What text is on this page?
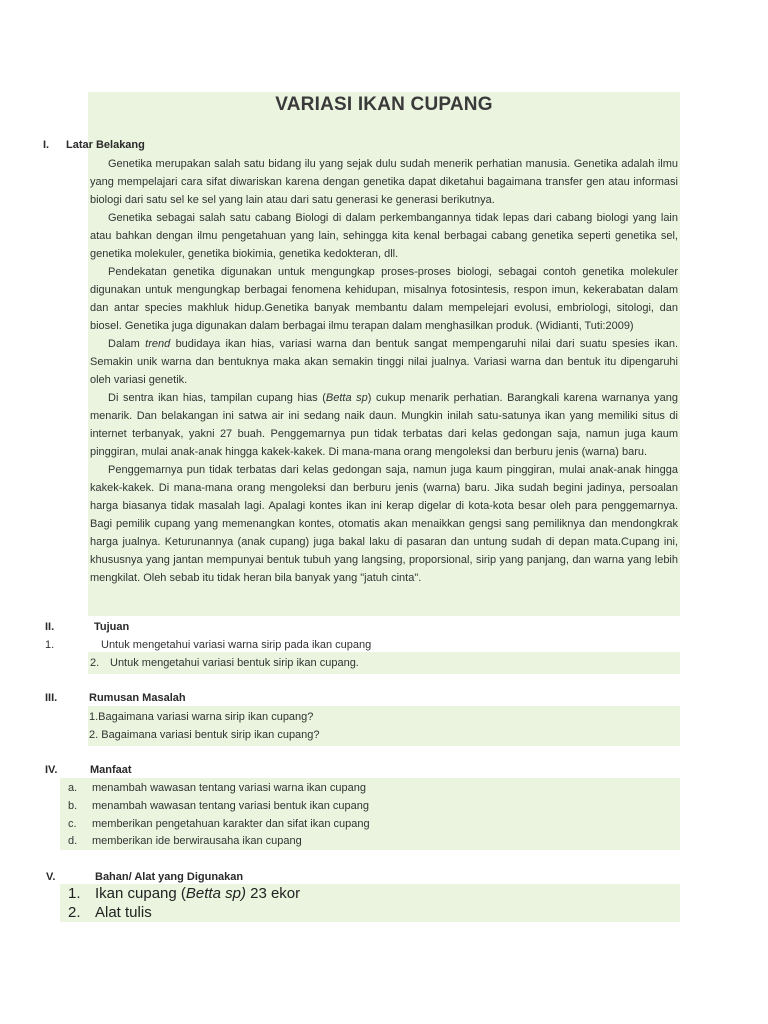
VARIASI IKAN CUPANG
I. Latar Belakang

Genetika merupakan salah satu bidang ilu yang sejak dulu sudah menerik perhatian manusia. Genetika adalah ilmu yang mempelajari cara sifat diwariskan karena dengan genetika dapat diketahui bagaimana transfer gen atau informasi biologi dari satu sel ke sel yang lain atau dari satu generasi ke generasi berikutnya.

Genetika sebagai salah satu cabang Biologi di dalam perkembangannya tidak lepas dari cabang biologi yang lain atau bahkan dengan ilmu pengetahuan yang lain, sehingga kita kenal berbagai cabang genetika seperti genetika sel, genetika molekuler, genetika biokimia, genetika kedokteran, dll.

Pendekatan genetika digunakan untuk mengungkap proses-proses biologi, sebagai contoh genetika molekuler digunakan untuk mengungkap berbagai fenomena kehidupan, misalnya fotosintesis, respon imun, kekerabatan dalam dan antar species makhluk hidup.Genetika banyak membantu dalam mempelejari evolusi, embriologi, sitologi, dan biosel. Genetika juga digunakan dalam berbagai ilmu terapan dalam menghasilkan produk. (Widianti, Tuti:2009)

Dalam trend budidaya ikan hias, variasi warna dan bentuk sangat mempengaruhi nilai dari suatu spesies ikan. Semakin unik warna dan bentuknya maka akan semakin tinggi nilai jualnya. Variasi warna dan bentuk itu dipengaruhi oleh variasi genetik.

Di sentra ikan hias, tampilan cupang hias (Betta sp) cukup menarik perhatian. Barangkali karena warnanya yang menarik. Dan belakangan ini satwa air ini sedang naik daun. Mungkin inilah satu-satunya ikan yang memiliki situs di internet terbanyak, yakni 27 buah. Penggemarnya pun tidak terbatas dari kelas gedongan saja, namun juga kaum pinggiran, mulai anak-anak hingga kakek-kakek. Di mana-mana orang mengoleksi dan berburu jenis (warna) baru.

Penggemarnya pun tidak terbatas dari kelas gedongan saja, namun juga kaum pinggiran, mulai anak-anak hingga kakek-kakek. Di mana-mana orang mengoleksi dan berburu jenis (warna) baru. Jika sudah begini jadinya, persoalan harga biasanya tidak masalah lagi. Apalagi kontes ikan ini kerap digelar di kota-kota besar oleh para penggemarnya. Bagi pemilik cupang yang memenangkan kontes, otomatis akan menaikkan gengsi sang pemiliknya dan mendongkrak harga jualnya. Keturunannya (anak cupang) juga bakal laku di pasaran dan untung sudah di depan mata.Cupang ini, khususnya yang jantan mempunyai bentuk tubuh yang langsing, proporsional, sirip yang panjang, dan warna yang lebih mengkilat. Oleh sebab itu tidak heran bila banyak yang "jatuh cinta".

II.	Tujuan
1.	Untuk mengetahui variasi warna sirip pada ikan cupang
2. Untuk mengetahui variasi bentuk sirip ikan cupang.
III.	Rumusan Masalah
1.Bagaimana variasi warna sirip ikan cupang?
2. Bagaimana variasi bentuk sirip ikan cupang?
IV.	Manfaat
a. menambah wawasan tentang variasi warna ikan cupang
b. menambah wawasan tentang variasi bentuk ikan cupang
c. memberikan pengetahuan karakter dan sifat ikan cupang
d. memberikan ide berwirausaha ikan cupang
V.	Bahan/ Alat yang Digunakan
1. Ikan cupang (Betta sp) 23 ekor
2. Alat tulis
